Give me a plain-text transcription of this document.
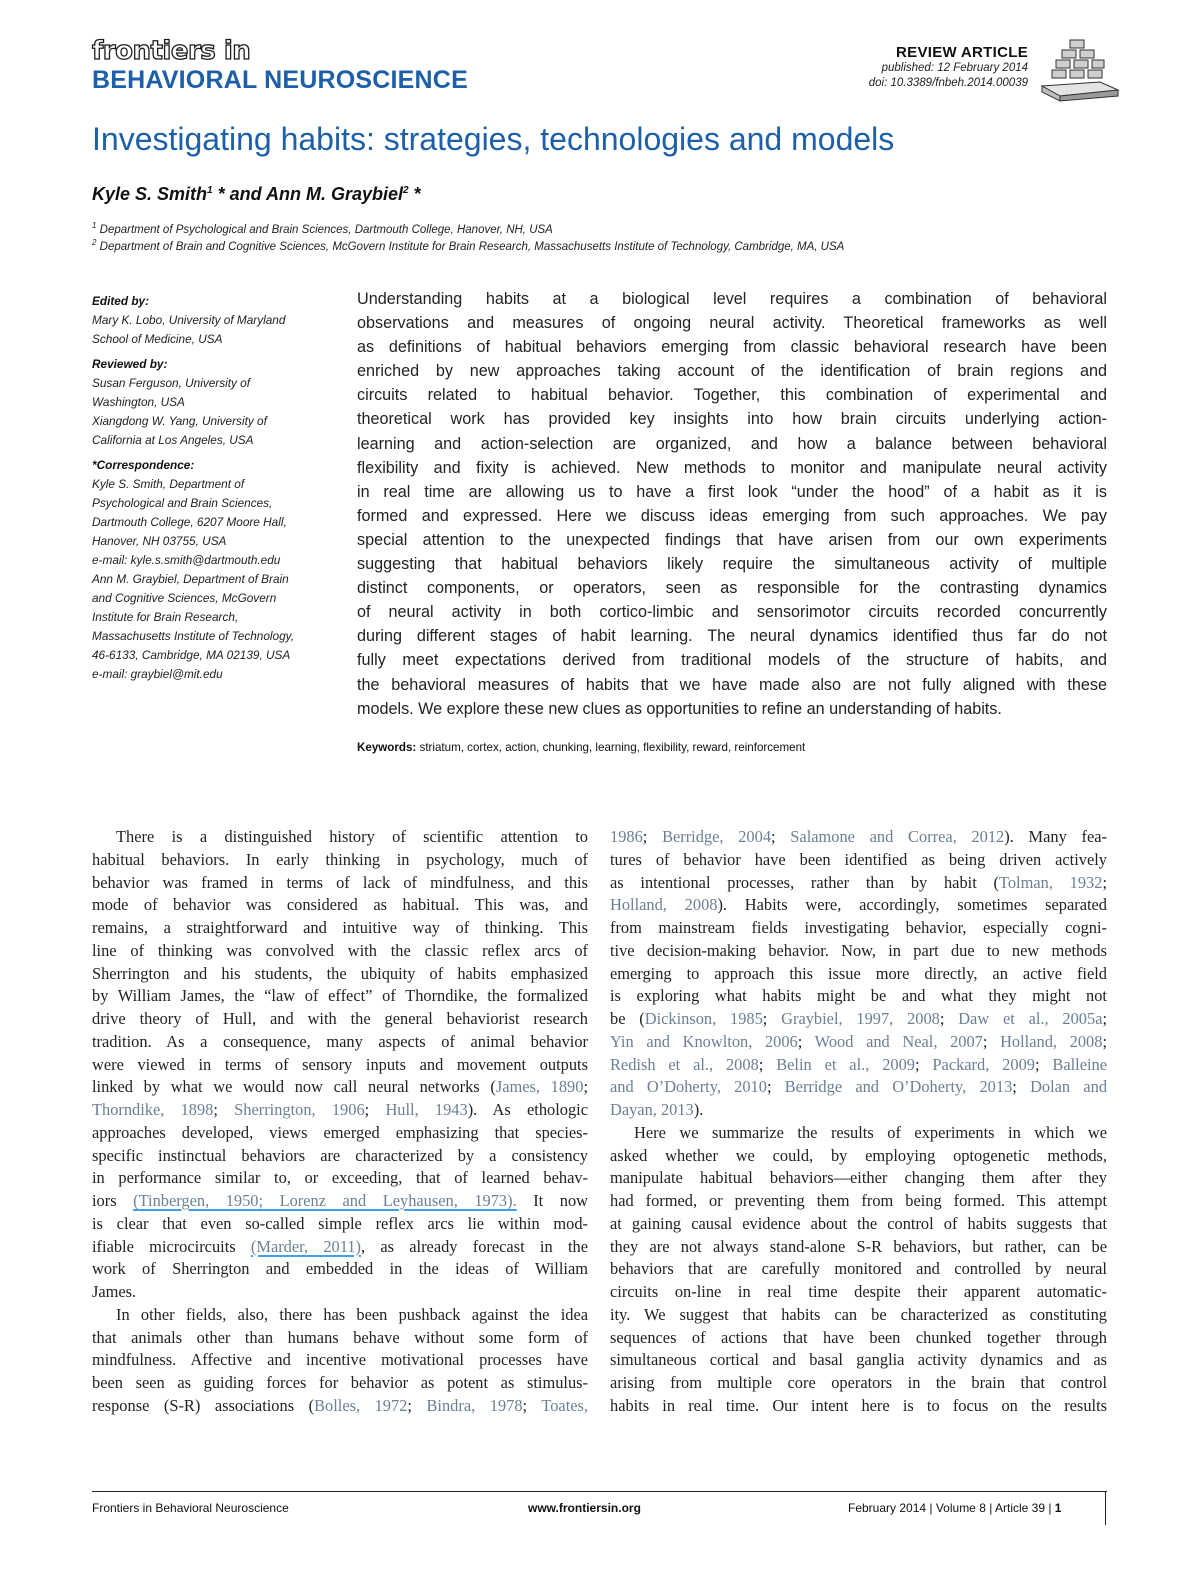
frontiers in
BEHAVIORAL NEUROSCIENCE
REVIEW ARTICLE
published: 12 February 2014
doi: 10.3389/fnbeh.2014.00039
Investigating habits: strategies, technologies and models
Kyle S. Smith$^1$ * and Ann M. Graybiel$^2$ *
$^1$ Department of Psychological and Brain Sciences, Dartmouth College, Hanover, NH, USA
$^2$ Department of Brain and Cognitive Sciences, McGovern Institute for Brain Research, Massachusetts Institute of Technology, Cambridge, MA, USA
Edited by:
Mary K. Lobo, University of Maryland
School of Medicine, USA
Reviewed by:
Susan Ferguson, University of
Washington, USA
Xiangdong W. Yang, University of
California at Los Angeles, USA
*Correspondence:
Kyle S. Smith, Department of
Psychological and Brain Sciences,
Dartmouth College, 6207 Moore Hall,
Hanover, NH 03755, USA
e-mail: kyle.s.smith@dartmouth.edu
Ann M. Graybiel, Department of Brain
and Cognitive Sciences, McGovern
Institute for Brain Research,
Massachusetts Institute of Technology,
46-6133, Cambridge, MA 02139, USA
e-mail: graybiel@mit.edu
Understanding habits at a biological level requires a combination of behavioral
observations and measures of ongoing neural activity. Theoretical frameworks as well
as definitions of habitual behaviors emerging from classic behavioral research have been
enriched by new approaches taking account of the identification of brain regions and
circuits related to habitual behavior. Together, this combination of experimental and
theoretical work has provided key insights into how brain circuits underlying action-
learning and action-selection are organized, and how a balance between behavioral
flexibility and fixity is achieved. New methods to monitor and manipulate neural activity
in real time are allowing us to have a first look “under the hood” of a habit as it is
formed and expressed. Here we discuss ideas emerging from such approaches. We pay
special attention to the unexpected findings that have arisen from our own experiments
suggesting that habitual behaviors likely require the simultaneous activity of multiple
distinct components, or operators, seen as responsible for the contrasting dynamics
of neural activity in both cortico-limbic and sensorimotor circuits recorded concurrently
during different stages of habit learning. The neural dynamics identified thus far do not
fully meet expectations derived from traditional models of the structure of habits, and
the behavioral measures of habits that we have made also are not fully aligned with these
models. We explore these new clues as opportunities to refine an understanding of habits.
Keywords: striatum, cortex, action, chunking, learning, flexibility, reward, reinforcement
There is a distinguished history of scientific attention to
habitual behaviors. In early thinking in psychology, much of
behavior was framed in terms of lack of mindfulness, and this
mode of behavior was considered as habitual. This was, and
remains, a straightforward and intuitive way of thinking. This
line of thinking was convolved with the classic reflex arcs of
Sherrington and his students, the ubiquity of habits emphasized
by William James, the “law of effect” of Thorndike, the formalized
drive theory of Hull, and with the general behaviorist research
tradition. As a consequence, many aspects of animal behavior
were viewed in terms of sensory inputs and movement outputs
linked by what we would now call neural networks (James, 1890;
Thorndike, 1898; Sherrington, 1906; Hull, 1943). As ethologic
approaches developed, views emerged emphasizing that species-
specific instinctual behaviors are characterized by a consistency
in performance similar to, or exceeding, that of learned behav-
iors (Tinbergen, 1950; Lorenz and Leyhausen, 1973). It now
is clear that even so-called simple reflex arcs lie within mod-
ifiable microcircuits (Marder, 2011), as already forecast in the
work of Sherrington and embedded in the ideas of William
James.
In other fields, also, there has been pushback against the idea
that animals other than humans behave without some form of
mindfulness. Affective and incentive motivational processes have
been seen as guiding forces for behavior as potent as stimulus-
response (S-R) associations (Bolles, 1972; Bindra, 1978; Toates,
1986; Berridge, 2004; Salamone and Correa, 2012). Many fea-
tures of behavior have been identified as being driven actively
as intentional processes, rather than by habit (Tolman, 1932;
Holland, 2008). Habits were, accordingly, sometimes separated
from mainstream fields investigating behavior, especially cogni-
tive decision-making behavior. Now, in part due to new methods
emerging to approach this issue more directly, an active field
is exploring what habits might be and what they might not
be (Dickinson, 1985; Graybiel, 1997, 2008; Daw et al., 2005a;
Yin and Knowlton, 2006; Wood and Neal, 2007; Holland, 2008;
Redish et al., 2008; Belin et al., 2009; Packard, 2009; Balleine
and O’Doherty, 2010; Berridge and O’Doherty, 2013; Dolan and
Dayan, 2013).
Here we summarize the results of experiments in which we
asked whether we could, by employing optogenetic methods,
manipulate habitual behaviors—either changing them after they
had formed, or preventing them from being formed. This attempt
at gaining causal evidence about the control of habits suggests that
they are not always stand-alone S-R behaviors, but rather, can be
behaviors that are carefully monitored and controlled by neural
circuits on-line in real time despite their apparent automatic-
ity. We suggest that habits can be characterized as constituting
sequences of actions that have been chunked together through
simultaneous cortical and basal ganglia activity dynamics and as
arising from multiple core operators in the brain that control
habits in real time. Our intent here is to focus on the results
Frontiers in Behavioral Neuroscience	www.frontiersin.org	February 2014 | Volume 8 | Article 39 | 1
